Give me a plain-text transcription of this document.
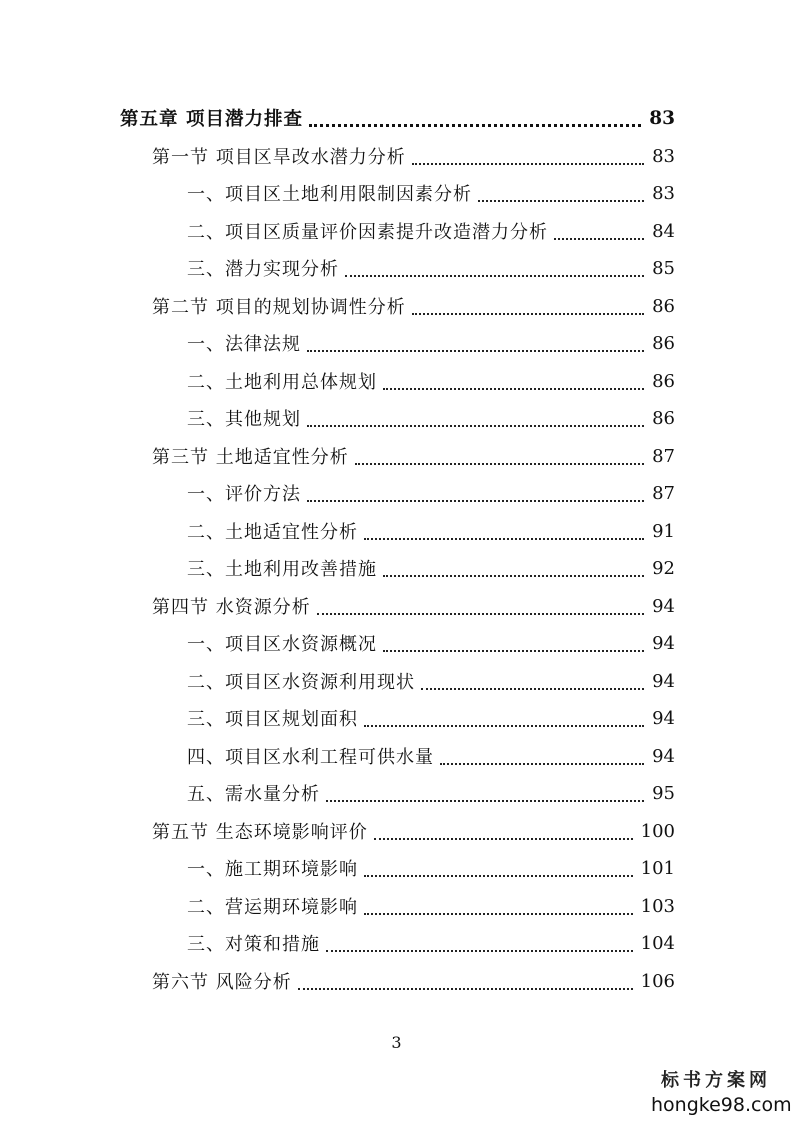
第五章 项目潜力排查	83
第一节 项目区旱改水潜力分析	83
一、项目区土地利用限制因素分析	83
二、项目区质量评价因素提升改造潜力分析	84
三、潜力实现分析	85
第二节 项目的规划协调性分析	86
一、法律法规	86
二、土地利用总体规划	86
三、其他规划	86
第三节 土地适宜性分析	87
一、评价方法	87
二、土地适宜性分析	91
三、土地利用改善措施	92
第四节 水资源分析	94
一、项目区水资源概况	94
二、项目区水资源利用现状	94
三、项目区规划面积	94
四、项目区水利工程可供水量	94
五、需水量分析	95
第五节 生态环境影响评价	100
一、施工期环境影响	101
二、营运期环境影响	103
三、对策和措施	104
第六节 风险分析	106
3
标书方案网
hongke98.com
